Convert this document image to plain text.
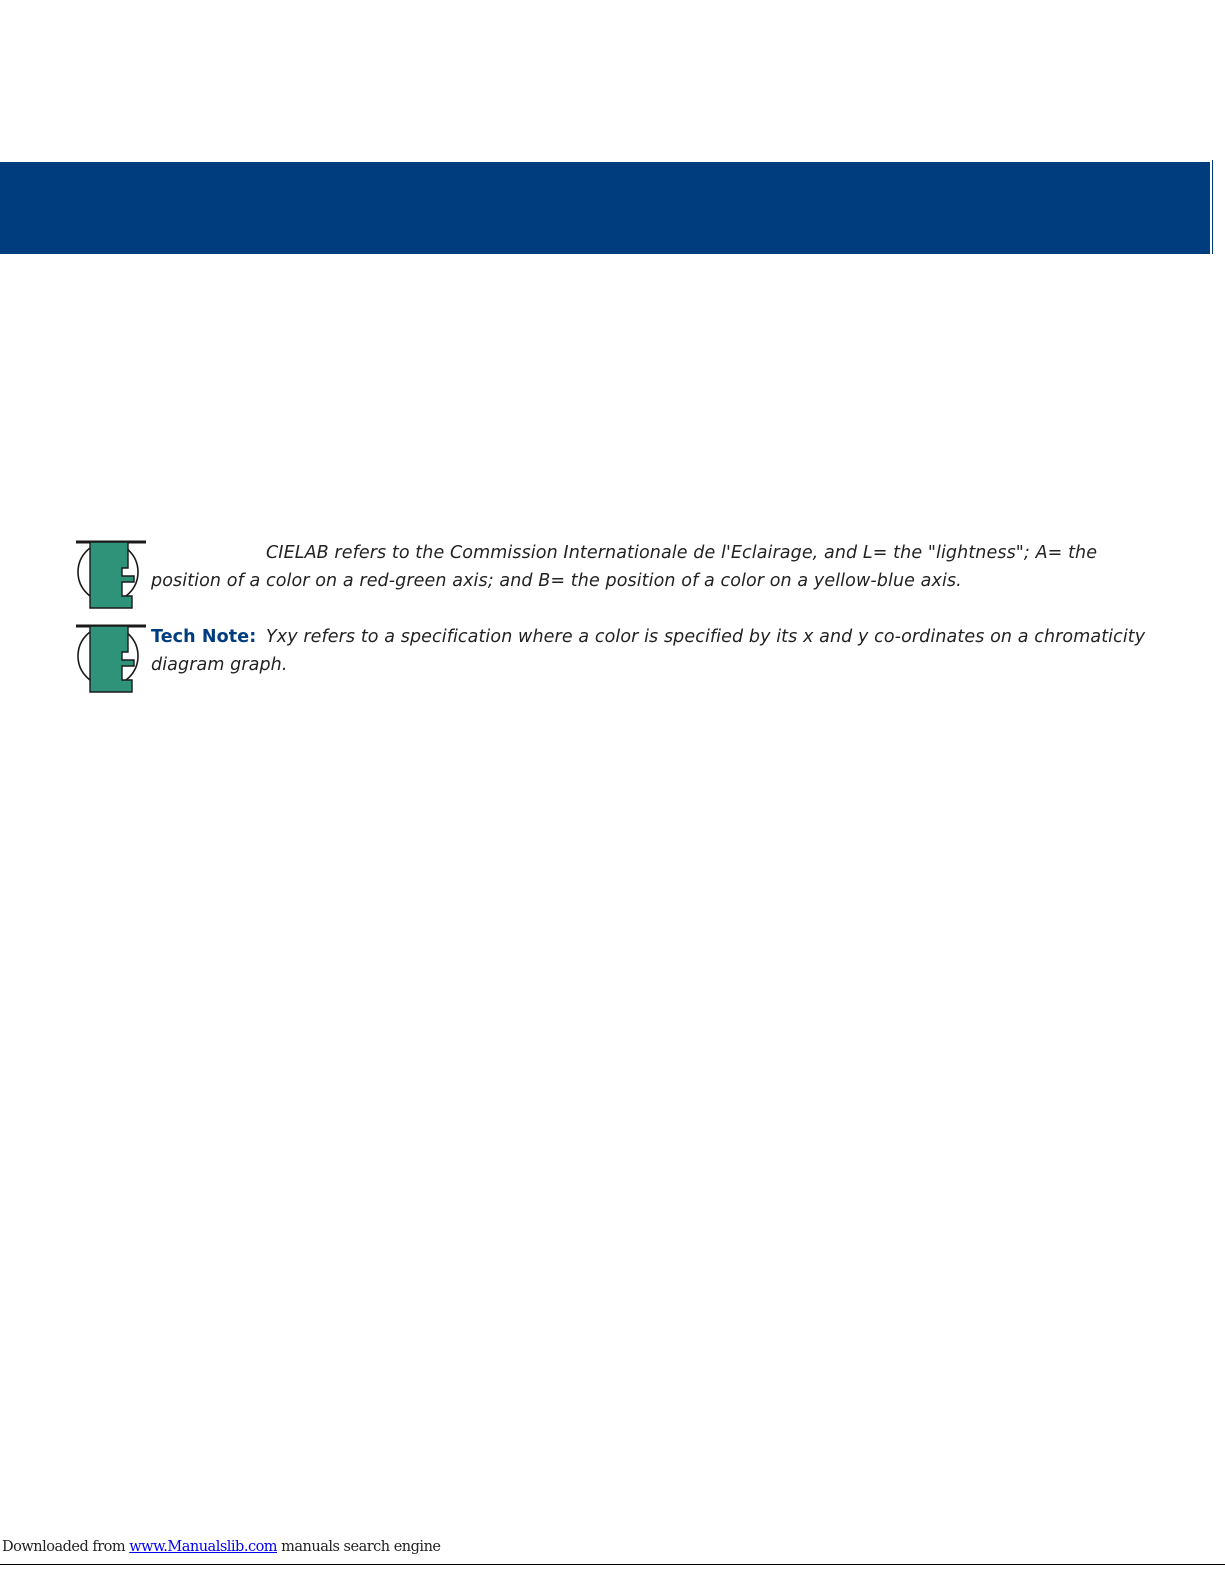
CIELAB refers to the Commission Internationale de l'Eclairage, and L= the "lightness"; A= the position of a color on a red-green axis; and B= the position of a color on a yellow-blue axis.
Tech Note: Yxy refers to a specification where a color is specified by its x and y co-ordinates on a chromaticity diagram graph.
Downloaded from www.Manualslib.com manuals search engine
